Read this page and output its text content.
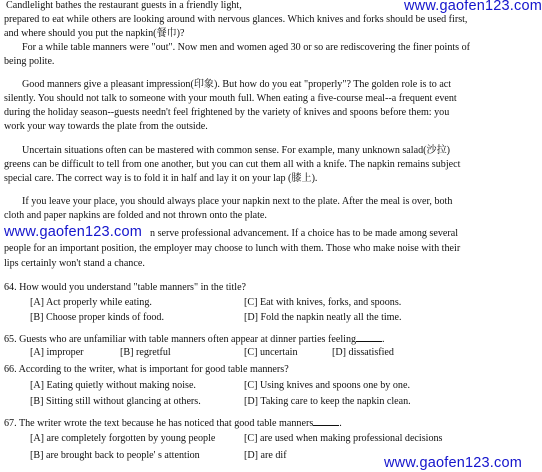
www.gaofen123.com
www.gaofen123.com
www.gaofen123.com
Candlelight bathes the restaurant guests in a friendly light,
prepared to eat while others are looking around with nervous glances. Which knives and forks should be used first,
and where should you put the napkin(餐巾)?
For a while table manners were "out". Now men and women aged 30 or so are rediscovering the finer points of
being polite.
Good manners give a pleasant impression(印象). But how do you eat "properly"? The golden role is to act
silently. You should not talk to someone with your mouth full. When eating a five-course meal--a frequent event
during the holiday season--guests needn't feel frightened by the variety of knives and spoons before them: you
work your way towards the plate from the outside.
Uncertain situations often can be mastered with common sense. For example, many unknown salad(沙拉)
greens can be difficult to tell from one another, but you can cut them all with a knife. The napkin remains subject
special care. The correct way is to fold it in half and lay it on your lap (膝上).
If you leave your place, you should always place your napkin next to the plate. After the meal is over, both
cloth and paper napkins are folded and not thrown onto the plate.
n serve professional advancement. If a choice has to be made among several
people for an important position, the employer may choose to lunch with them. Those who make noise with their
lips certainly won't stand a chance.
64. How would you understand "table manners" in the title?
[A] Act properly while eating.	[C] Eat with knives, forks, and spoons.
[B] Choose proper kinds of food.	[D] Fold the napkin neatly all the time.
65. Guests who are unfamiliar with table manners often appear at dinner parties feeling	.
[A] improper	[B] regretful	[C] uncertain	[D] dissatisfied
66. According to the writer, what is important for good table manners?
[A] Eating quietly without making noise.	[C] Using knives and spoons one by one.
[B] Sitting still without glancing at others.	[D] Taking care to keep the napkin clean.
67. The writer wrote the text because he has noticed that good table manners	.
[A] are completely forgotten by young people	[C] are used when making professional decisions
[B] are brought back to people' s attention	[D] are dif
